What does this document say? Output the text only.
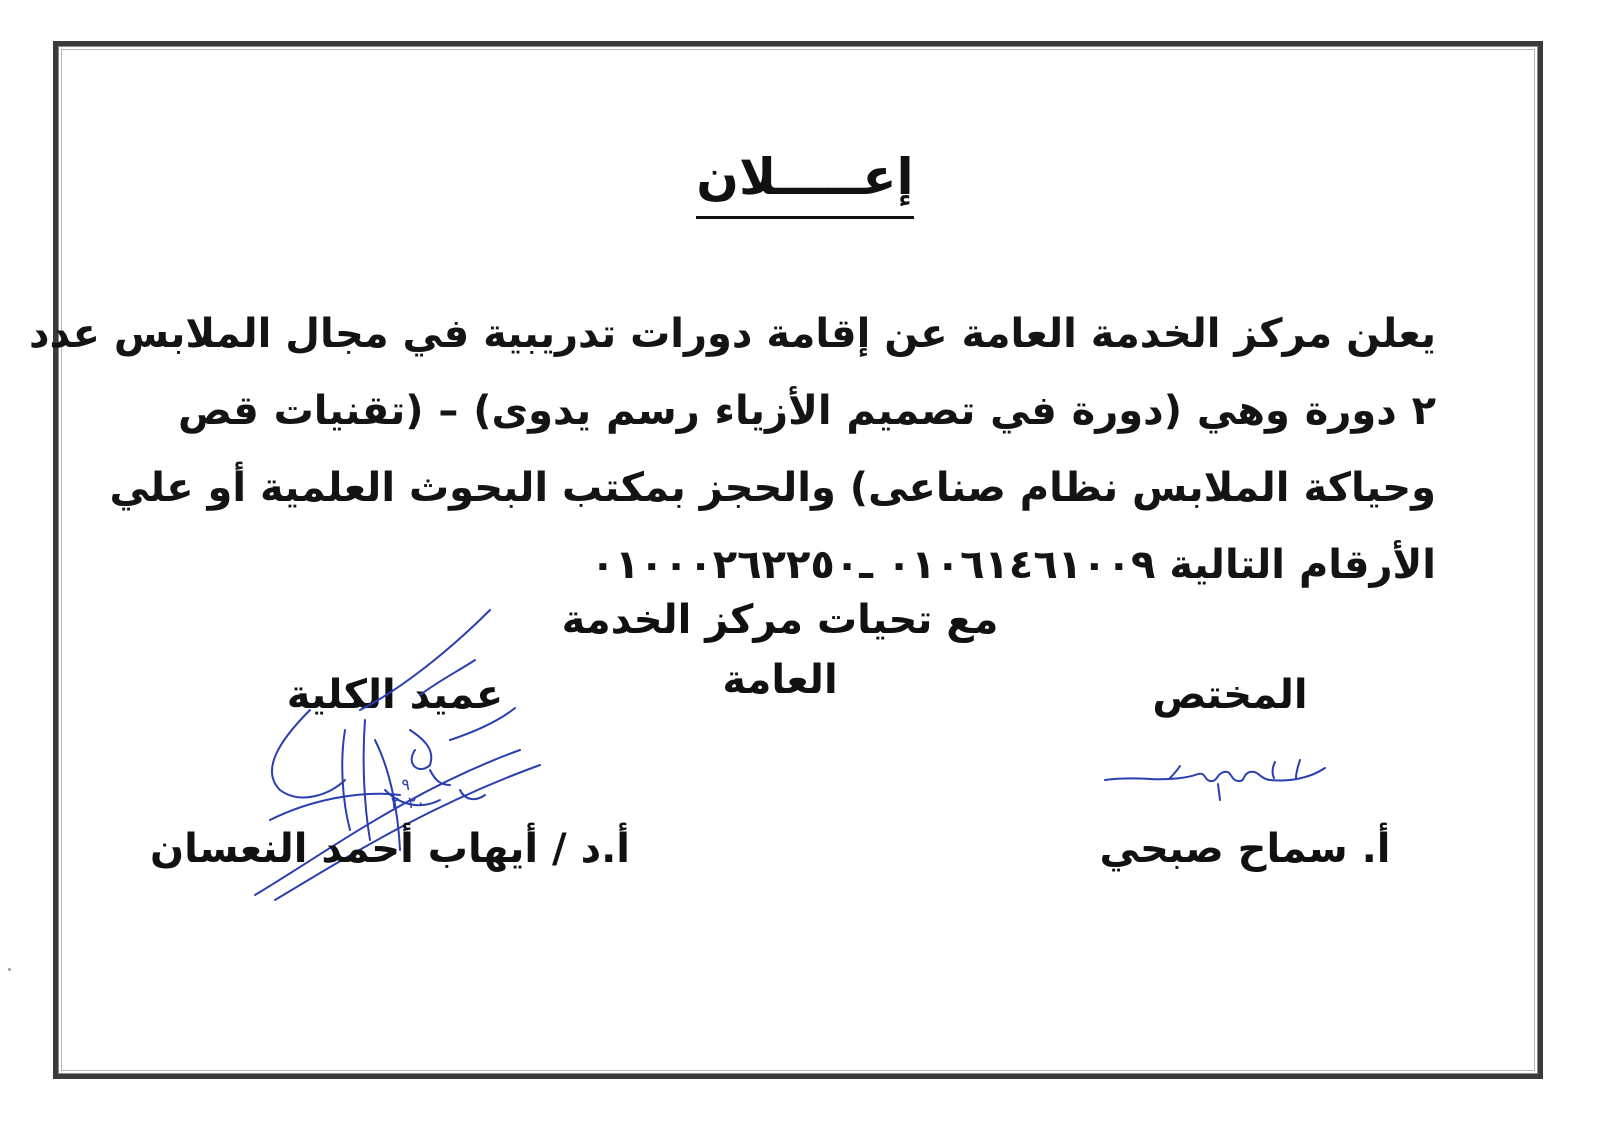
إعـــــلان
يعلن مركز الخدمة العامة عن إقامة دورات تدريبية في مجال الملابس عدد
٢ دورة وهي (دورة في تصميم الأزياء رسم يدوى) – (تقنيات قص
وحياكة الملابس نظام صناعى) والحجز بمكتب البحوث العلمية أو علي
الأرقام التالية ٠١٠٦١٤٦١٠٠٩ ـ٠١٠٠٠٢٦٢٢٥٠
مع تحيات مركز الخدمة العامة	المختص
عميد الكلية
٩
٢٠٢٠
أ. سماح صبحي
أ.د / أيهاب أحمد النعسان
